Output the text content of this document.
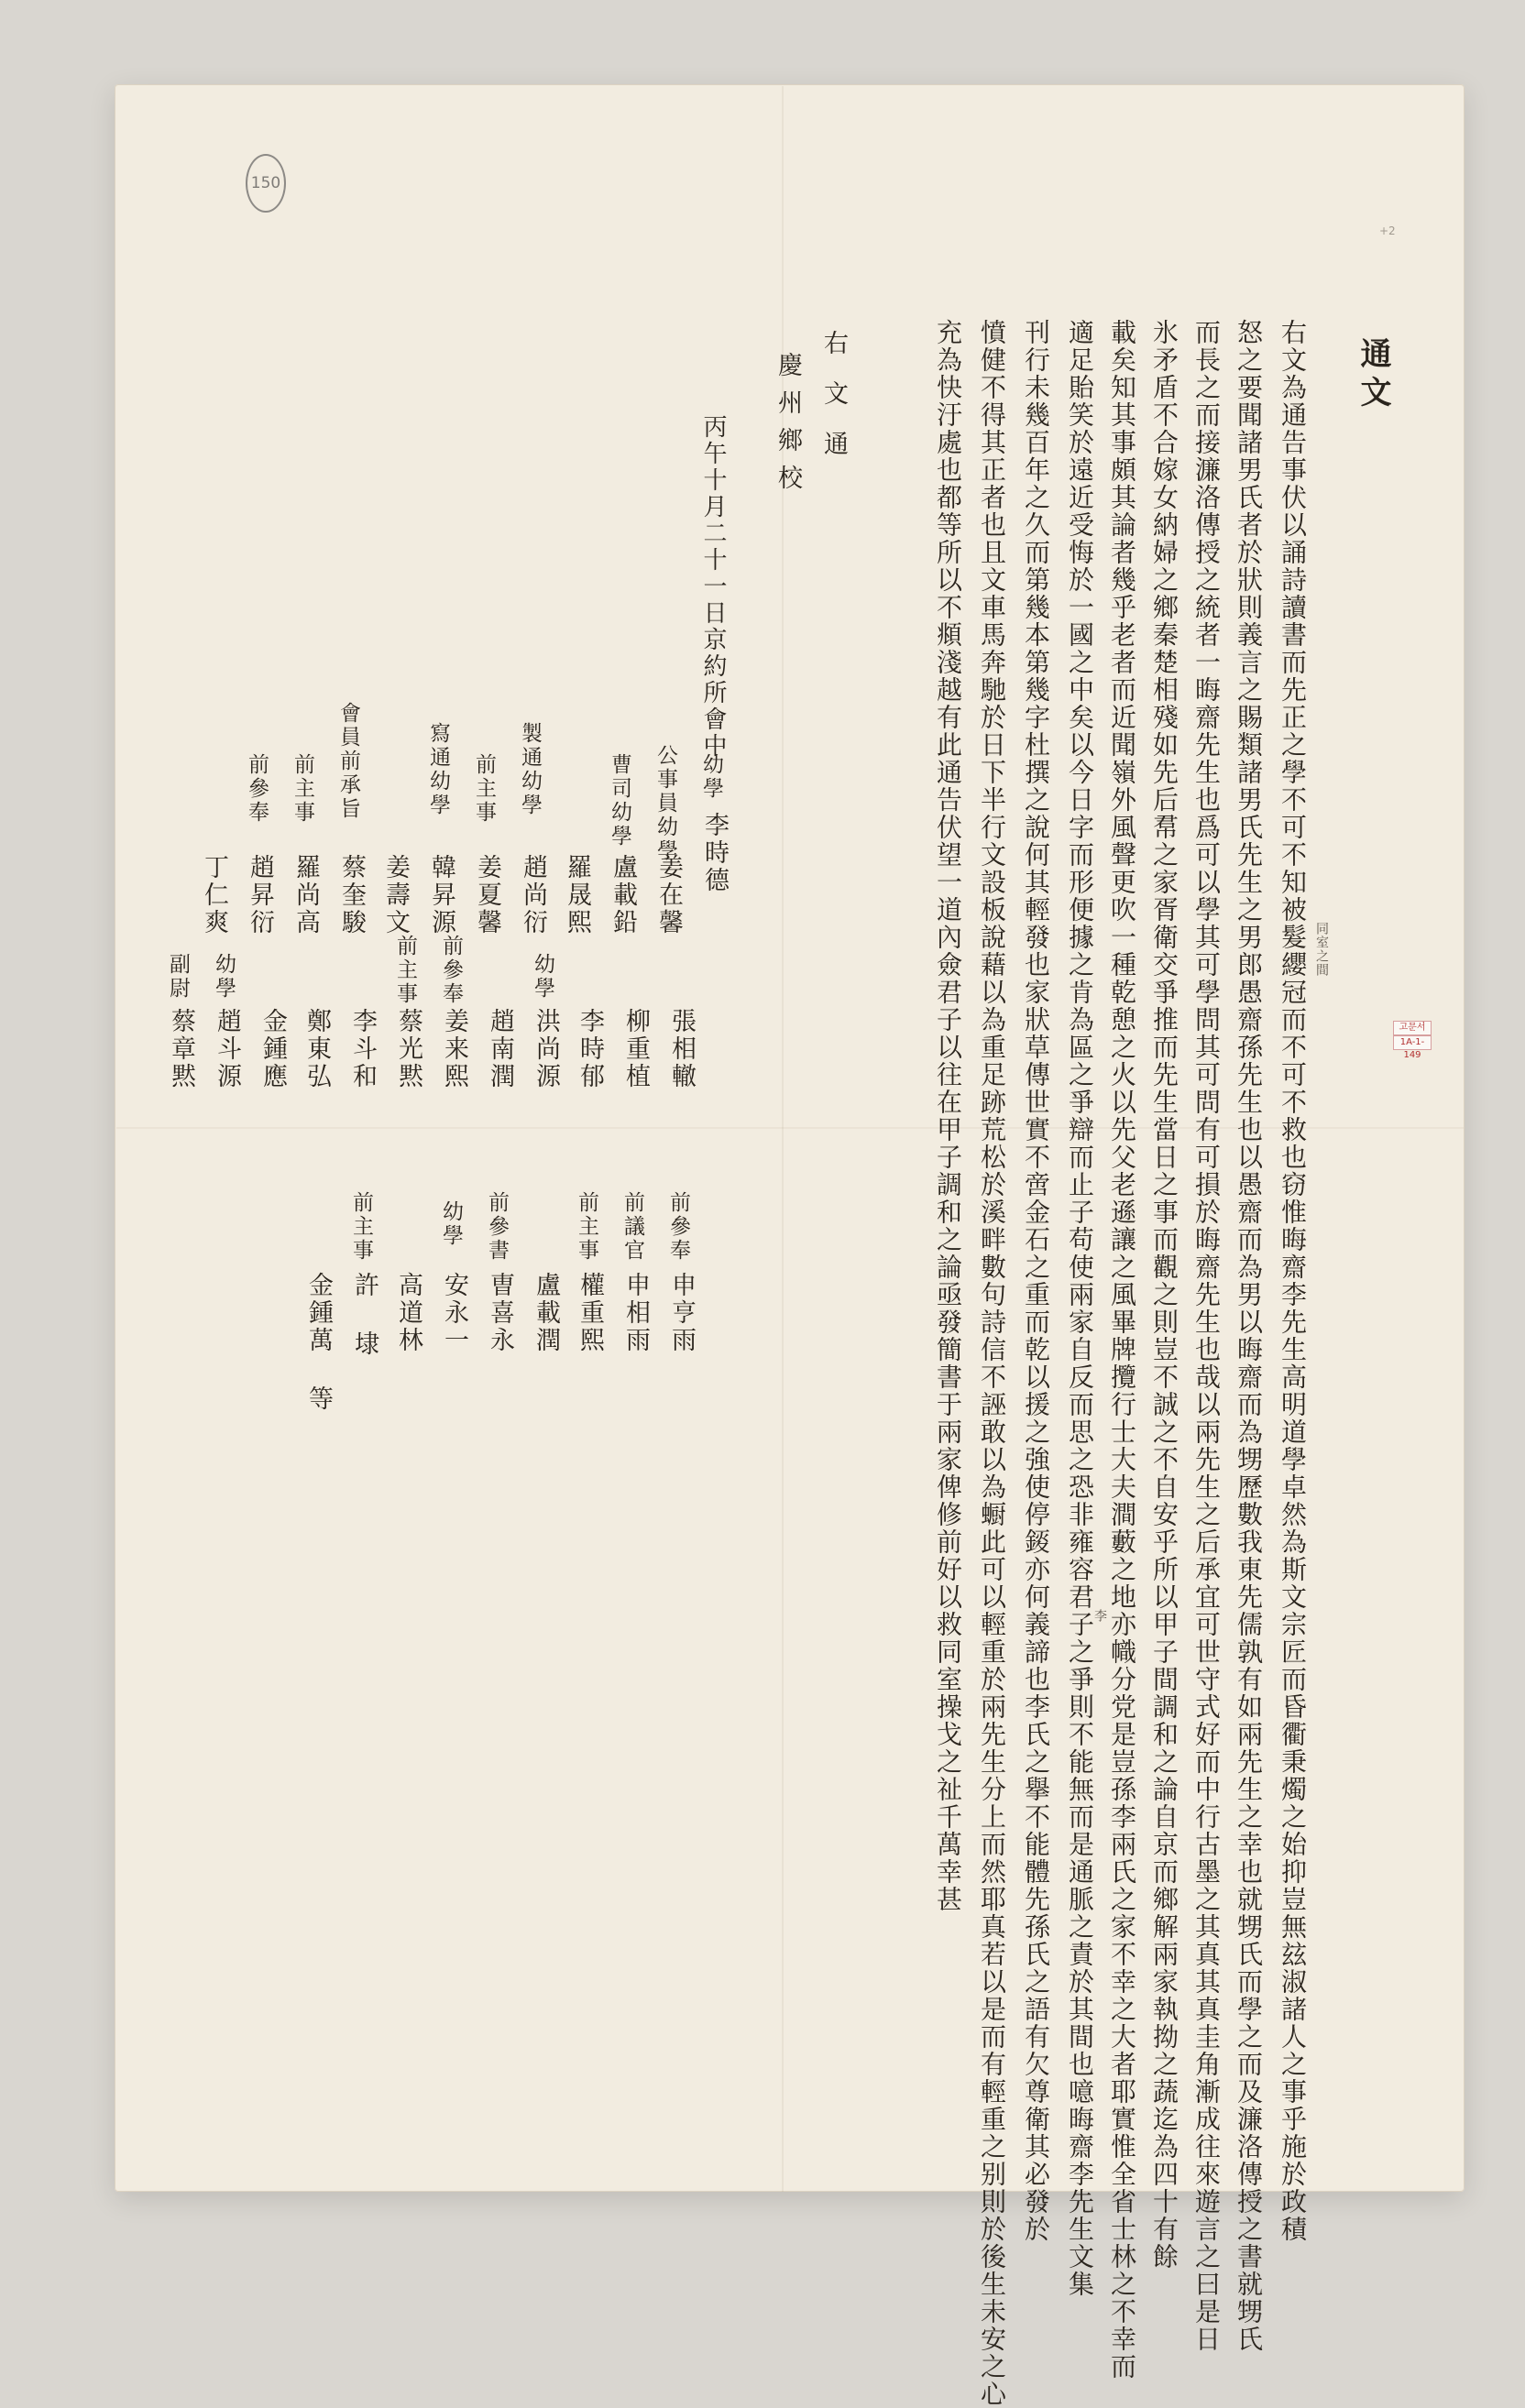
150
+2
고문서
1A-1-149
通文
右文為通告事伏以誦詩讀書而先正之學不可不知被髮纓冠而不可不救也窃惟晦齋李先生高明道學卓然為斯文宗匠而昏衢秉燭之始抑豈無玆淑諸人之事乎施於政積
怒之要聞諸男氏者於狀則義言之賜類諸男氏先生之男郎愚齋孫先生也以愚齋而為男以晦齋而為甥歷數我東先儒孰有如兩先生之幸也就甥氏而學之而及濂洛傳授之書就甥氏
而長之而接濂洛傳授之統者一晦齋先生也爲可以學其可學問其可問有可損於晦齋先生也哉以兩先生之后承宜可世守式好而中行古墨之其真其真圭角漸成往來遊言之曰是日
氷矛盾不合嫁女納婦之鄉秦楚相殘如先后帬之家胥衛交爭推而先生當日之事而觀之則豈不誠之不自安乎所以甲子間調和之論自京而鄉解兩家執拗之蔬迄為四十有餘
載矣知其事頗其論者幾乎老者而近聞嶺外風聲更吹一種乾憩之火以先父老遜讓之風畢牌攬行士大夫澗藪之地亦幟分党是豈孫李兩氏之家不幸之大者耶實惟全省士林之不幸而
適足貽笑於遠近受悔於一國之中矣以今日字而形便據之肯為區之爭辯而止子苟使兩家自反而思之恐非雍容君子之爭則不能無而是通脈之責於其間也噫晦齋李先生文集
刊行未幾百年之久而第幾本第幾字杜撰之說何其輕發也家狀草傳世實不啻金石之重而乾以援之強使停錽亦何義諦也李氏之擧不能體先孫氏之語有欠尊衛其必發於
憤健不得其正者也且文車馬奔馳於日下半行文設板說藉以為重足跡荒松於溪畔數句詩信不誣敢以為蟵此可以輕重於兩先生分上而然耶真若以是而有輕重之别則於後生未安之心
充為快汙處也都等所以不頫淺越有此通告伏望一道內僉君子以往在甲子調和之論亟發簡書于兩家俾修前好以救同室操戈之祉千萬幸甚	同室之間
李
右文通
慶州鄉校
丙午十月二十一日京約所會中
幼學
李時德
公事員幼學
姜在馨
曹司幼學
盧載鉛
羅晟熙
製通幼學
趙尚衍
前主事
姜夏馨
寫通幼學
韓昇源
姜壽文
會員前承旨
蔡奎駿
前主事
羅尚高
前參奉
趙昇衍
丁仁爽
張相轍
柳重植
李時郁
幼學
洪尚源
趙南潤
前參奉
姜来熙
前主事
蔡光黙
李斗和
鄭東弘
金鍾應
幼學
趙斗源
副尉
蔡章黙
前參奉
申亨雨
前議官
申相雨
前主事
權重熙
盧載潤
前參書
曺喜永
幼學
安永一
高道林
前主事
許 埭
金鍾萬 等
